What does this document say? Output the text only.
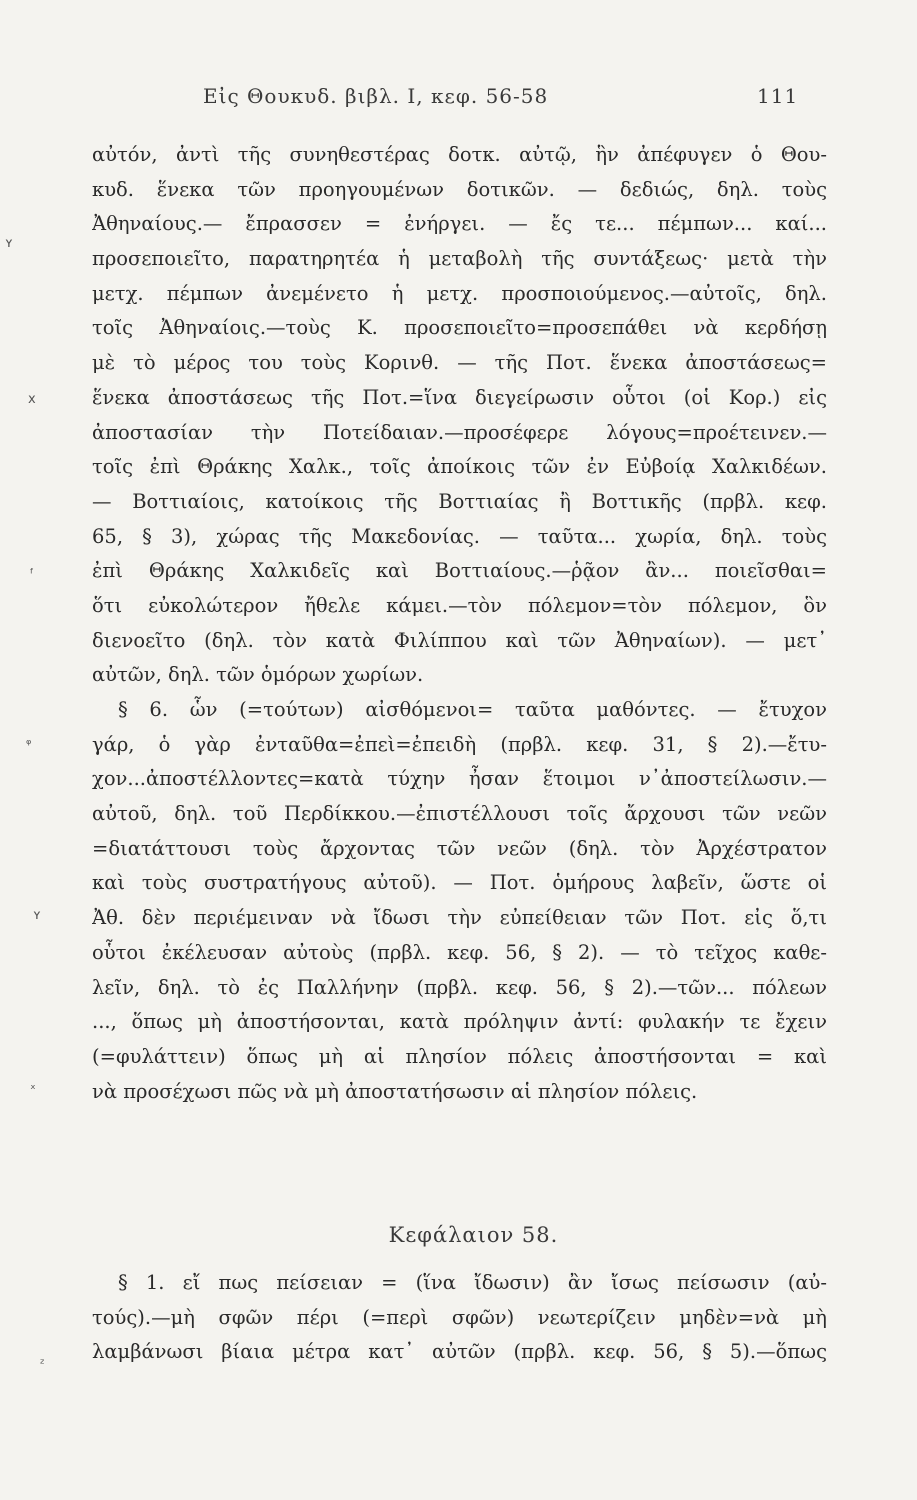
Εἰς Θουκυδ. βιβλ. Ι, κεφ. 56-58	111
αὐτόν, ἀντὶ τῆς συνηθεστέρας δοτκ. αὐτῷ, ἣν ἀπέφυγεν ὁ Θου-
κυδ. ἕνεκα τῶν προηγουμένων δοτικῶν. — δεδιώς, δηλ. τοὺς
Ἀθηναίους.— ἔπρασσεν = ἐνήργει. — ἔς τε... πέμπων... καί...
προσεποιεῖτο, παρατηρητέα ἡ μεταβολὴ τῆς συντάξεως· μετὰ τὴν
μετχ. πέμπων ἀνεμένετο ἡ μετχ. προσποιούμενος.—αὐτοῖς, δηλ.
τοῖς Ἀθηναίοις.—τοὺς Κ. προσεποιεῖτο=προσεπάθει νὰ κερδήσῃ
μὲ τὸ μέρος του τοὺς Κορινθ. — τῆς Ποτ. ἕνεκα ἀποστάσεως=
ἕνεκα ἀποστάσεως τῆς Ποτ.=ἵνα διεγείρωσιν οὗτοι (οἱ Κορ.) εἰς
ἀποστασίαν τὴν Ποτείδαιαν.—προσέφερε λόγους=προέτεινεν.—
τοῖς ἐπὶ Θράκης Χαλκ., τοῖς ἀποίκοις τῶν ἐν Εὐβοίᾳ Χαλκιδέων.
— Βοττιαίοις, κατοίκοις τῆς Βοττιαίας ἢ Βοττικῆς (πρβλ. κεφ.
65, § 3), χώρας τῆς Μακεδονίας. — ταῦτα... χωρία, δηλ. τοὺς
ἐπὶ Θράκης Χαλκιδεῖς καὶ Βοττιαίους.—ῥᾷον ἂν... ποιεῖσθαι=
ὅτι εὐκολώτερον ἤθελε κάμει.—τὸν πόλεμον=τὸν πόλεμον, ὃν
διενοεῖτο (δηλ. τὸν κατὰ Φιλίππου καὶ τῶν Ἀθηναίων). — μετ᾽
αὐτῶν, δηλ. τῶν ὁμόρων χωρίων.
§ 6. ὧν (=τούτων) αἰσθόμενοι= ταῦτα μαθόντες. — ἔτυχον
γάρ, ὁ γὰρ ἐνταῦθα=ἐπεὶ=ἐπειδὴ (πρβλ. κεφ. 31, § 2).—ἔτυ-
χον...ἀποστέλλοντες=κατὰ τύχην ἦσαν ἕτοιμοι ν᾽ἀποστείλωσιν.—
αὐτοῦ, δηλ. τοῦ Περδίκκου.—ἐπιστέλλουσι τοῖς ἄρχουσι τῶν νεῶν
=διατάττουσι τοὺς ἄρχοντας τῶν νεῶν (δηλ. τὸν Ἀρχέστρατον
καὶ τοὺς συστρατήγους αὐτοῦ). — Ποτ. ὁμήρους λαβεῖν, ὥστε οἱ
Ἀθ. δὲν περιέμειναν νὰ ἴδωσι τὴν εὐπείθειαν τῶν Ποτ. εἰς ὅ,τι
οὗτοι ἐκέλευσαν αὐτοὺς (πρβλ. κεφ. 56, § 2). — τὸ τεῖχος καθε-
λεῖν, δηλ. τὸ ἐς Παλλήνην (πρβλ. κεφ. 56, § 2).—τῶν... πόλεων
..., ὅπως μὴ ἀποστήσονται, κατὰ πρόληψιν ἀντί: φυλακήν τε ἔχειν
(=φυλάττειν) ὅπως μὴ αἱ πλησίον πόλεις ἀποστήσονται = καὶ
νὰ προσέχωσι πῶς νὰ μὴ ἀποστατήσωσιν αἱ πλησίον πόλεις.
Κεφάλαιον 58.
§ 1. εἴ πως πείσειαν = (ἵνα ἴδωσιν) ἂν ἴσως πείσωσιν (αὐ-
τούς).—μὴ σφῶν πέρι (=περὶ σφῶν) νεωτερίζειν μηδὲν=νὰ μὴ
λαμβάνωσι βίαια μέτρα κατ᾽ αὐτῶν (πρβλ. κεφ. 56, § 5).—ὅπως
ʏ
ⅹ
ᶠ
ᵩ
ʏ
ₓ
ᶻ
